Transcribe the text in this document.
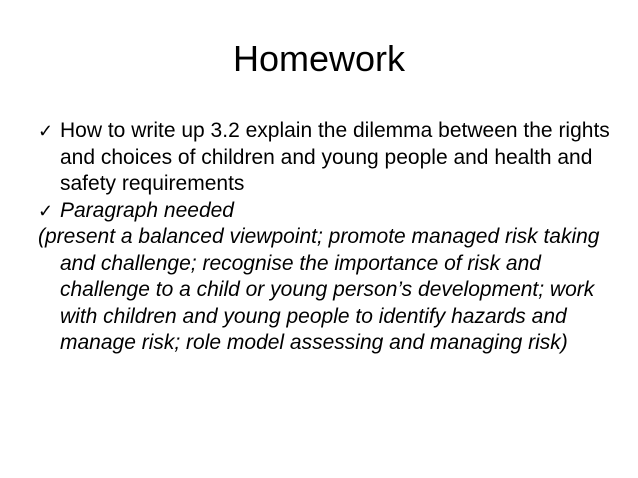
Homework

✓ How to write up 3.2 explain the dilemma between the rights and choices of children and young people and health and safety requirements

✓ Paragraph needed

(present a balanced viewpoint; promote managed risk taking and challenge; recognise the importance of risk and challenge to a child or young person’s development; work with children and young people to identify hazards and manage risk; role model assessing and managing risk)
